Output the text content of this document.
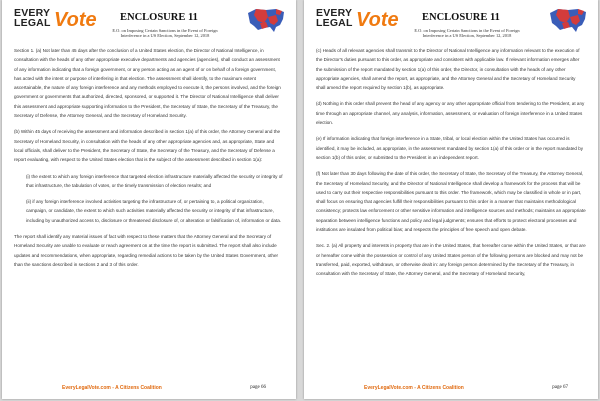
EVERY
LEGAL Vote ENCLOSURE 11
E.O. on Imposing Certain Sanctions in the Event of Foreign
Interference in a US Election, September 12, 2018

Section 1. (a) Not later than 45 days after the conclusion of a United States election, the Director of National Intelligence, in consultation with the heads of any other appropriate executive departments and agencies (agencies), shall conduct an assessment of any information indicating that a foreign government, or any person acting as an agent of or on behalf of a foreign government, has acted with the intent or purpose of interfering in that election. The assessment shall identify, to the maximum extent ascertainable, the nature of any foreign interference and any methods employed to execute it, the persons involved, and the foreign government or governments that authorized, directed, sponsored, or supported it. The Director of National Intelligence shall deliver this assessment and appropriate supporting information to the President, the Secretary of State, the Secretary of the Treasury, the Secretary of Defense, the Attorney General, and the Secretary of Homeland Security.

(b) Within 45 days of receiving the assessment and information described in section 1(a) of this order, the Attorney General and the Secretary of Homeland Security, in consultation with the heads of any other appropriate agencies and, as appropriate, State and local officials, shall deliver to the President, the Secretary of State, the Secretary of the Treasury, and the Secretary of Defense a report evaluating, with respect to the United States election that is the subject of the assessment described in section 1(a):

(i) the extent to which any foreign interference that targeted election infrastructure materially affected the security or integrity of that infrastructure, the tabulation of votes, or the timely transmission of election results; and

(ii) if any foreign interference involved activities targeting the infrastructure of, or pertaining to, a political organization, campaign, or candidate, the extent to which such activities materially affected the security or integrity of that infrastructure, including by unauthorized access to, disclosure or threatened disclosure of, or alteration or falsification of, information or data.

The report shall identify any material issues of fact with respect to these matters that the Attorney General and the Secretary of Homeland Security are unable to evaluate or reach agreement on at the time the report is submitted. The report shall also include updates and recommendations, when appropriate, regarding remedial actions to be taken by the United States Government, other than the sanctions described in sections 2 and 3 of this order.

EveryLegalVote.com - A Citizens Coalition	page 66
EVERY
LEGAL Vote ENCLOSURE 11
E.O. on Imposing Certain Sanctions in the Event of Foreign
Interference in a US Election, September 12, 2018

(c) Heads of all relevant agencies shall transmit to the Director of National Intelligence any information relevant to the execution of the Director's duties pursuant to this order, as appropriate and consistent with applicable law. If relevant information emerges after the submission of the report mandated by section 1(a) of this order, the Director, in consultation with the heads of any other appropriate agencies, shall amend the report, as appropriate, and the Attorney General and the Secretary of Homeland Security shall amend the report required by section 1(b), as appropriate.

(d) Nothing in this order shall prevent the head of any agency or any other appropriate official from tendering to the President, at any time through an appropriate channel, any analysis, information, assessment, or evaluation of foreign interference in a United States election.

(e) If information indicating that foreign interference in a State, tribal, or local election within the United States has occurred is identified, it may be included, as appropriate, in the assessment mandated by section 1(a) of this order or in the report mandated by section 1(b) of this order, or submitted to the President in an independent report.

(f) Not later than 30 days following the date of this order, the Secretary of State, the Secretary of the Treasury, the Attorney General, the Secretary of Homeland Security, and the Director of National Intelligence shall develop a framework for the process that will be used to carry out their respective responsibilities pursuant to this order. The framework, which may be classified in whole or in part, shall focus on ensuring that agencies fulfill their responsibilities pursuant to this order in a manner that maintains methodological consistency; protects law enforcement or other sensitive information and intelligence sources and methods; maintains an appropriate separation between intelligence functions and policy and legal judgments; ensures that efforts to protect electoral processes and institutions are insulated from political bias; and respects the principles of free speech and open debate.

Sec. 2. (a) All property and interests in property that are in the United States, that hereafter come within the United States, or that are or hereafter come within the possession or control of any United States person of the following persons are blocked and may not be transferred, paid, exported, withdrawn, or otherwise dealt in: any foreign person determined by the Secretary of the Treasury, in consultation with the Secretary of State, the Attorney General, and the Secretary of Homeland Security,

EveryLegalVote.com - A Citizens Coalition	page 67
